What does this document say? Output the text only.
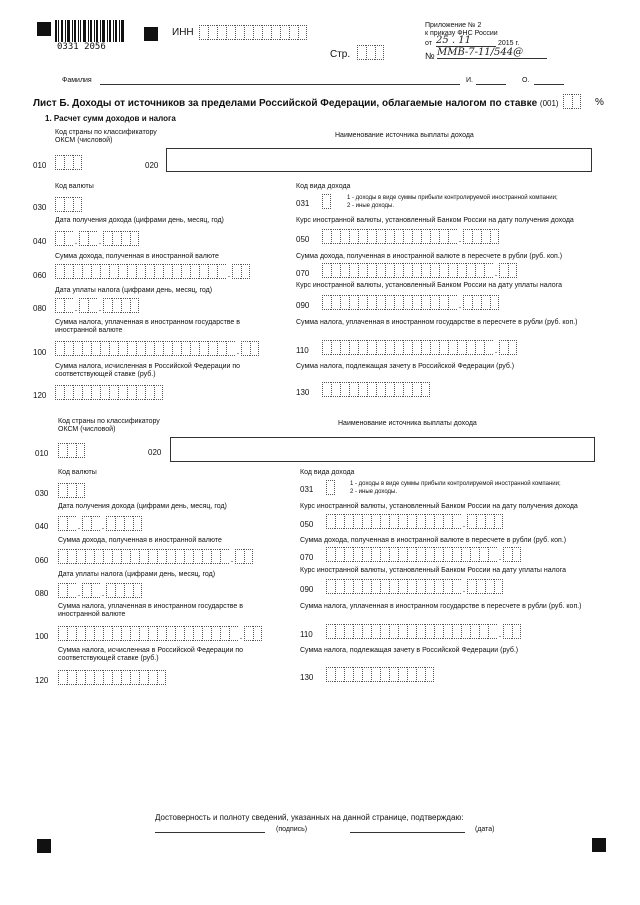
0331 2056
ИНН
Стр.
Приложение № 2
к приказу ФНС России
от 25 . 11	2015 г.
№ ММВ-7-11/544@
Фамилия	И.	О.
Лист Б. Доходы от источников за пределами Российской Федерации, облагаемые налогом по ставке (001)	%
1. Расчет сумм доходов и налога
Код страны по классификатору ОКСМ (числовой)
Наименование источника выплаты дохода
010	020
Код валюты
030
Код вида дохода
031
1 - доходы в виде суммы прибыли контролируемой иностранной компании;
2 - иные доходы.
Дата получения дохода (цифрами день, месяц, год)
040	. .
Курс иностранной валюты, установленный Банком России на дату получения дохода
050	.
Сумма дохода, полученная в иностранной валюте
060	.
Сумма дохода, полученная в иностранной валюте в пересчете в рубли (руб. коп.)
070	.
Дата уплаты налога (цифрами день, месяц, год)
080	. .
Курс иностранной валюты, установленный Банком России на дату уплаты налога
090	.
Сумма налога, уплаченная в иностранном государстве в иностранной валюте
100	.
Сумма налога, уплаченная в иностранном государстве в пересчете в рубли (руб. коп.)
110	.
Сумма налога, исчисленная в Российской Федерации по соответствующей ставке (руб.)
120
Сумма налога, подлежащая зачету в Российской Федерации (руб.)
130
Код страны по классификатору ОКСМ (числовой)
Наименование источника выплаты дохода
010	020
Код валюты
030
Код вида дохода
031
1 - доходы в виде суммы прибыли контролируемой иностранной компании;
2 - иные доходы.
Дата получения дохода (цифрами день, месяц, год)
040	. .
Курс иностранной валюты, установленный Банком России на дату получения дохода
050	.
Сумма дохода, полученная в иностранной валюте
060	.
Сумма дохода, полученная в иностранной валюте в пересчете в рубли (руб. коп.)
070	.
Дата уплаты налога (цифрами день, месяц, год)
080	. .
Курс иностранной валюты, установленный Банком России на дату уплаты налога
090	.
Сумма налога, уплаченная в иностранном государстве в иностранной валюте
100	.
Сумма налога, уплаченная в иностранном государстве в пересчете в рубли (руб. коп.)
110	.
Сумма налога, исчисленная в Российской Федерации по соответствующей ставке (руб.)
120
Сумма налога, подлежащая зачету в Российской Федерации (руб.)
130
Достоверность и полноту сведений, указанных на данной странице, подтверждаю:
(подпись)	(дата)
